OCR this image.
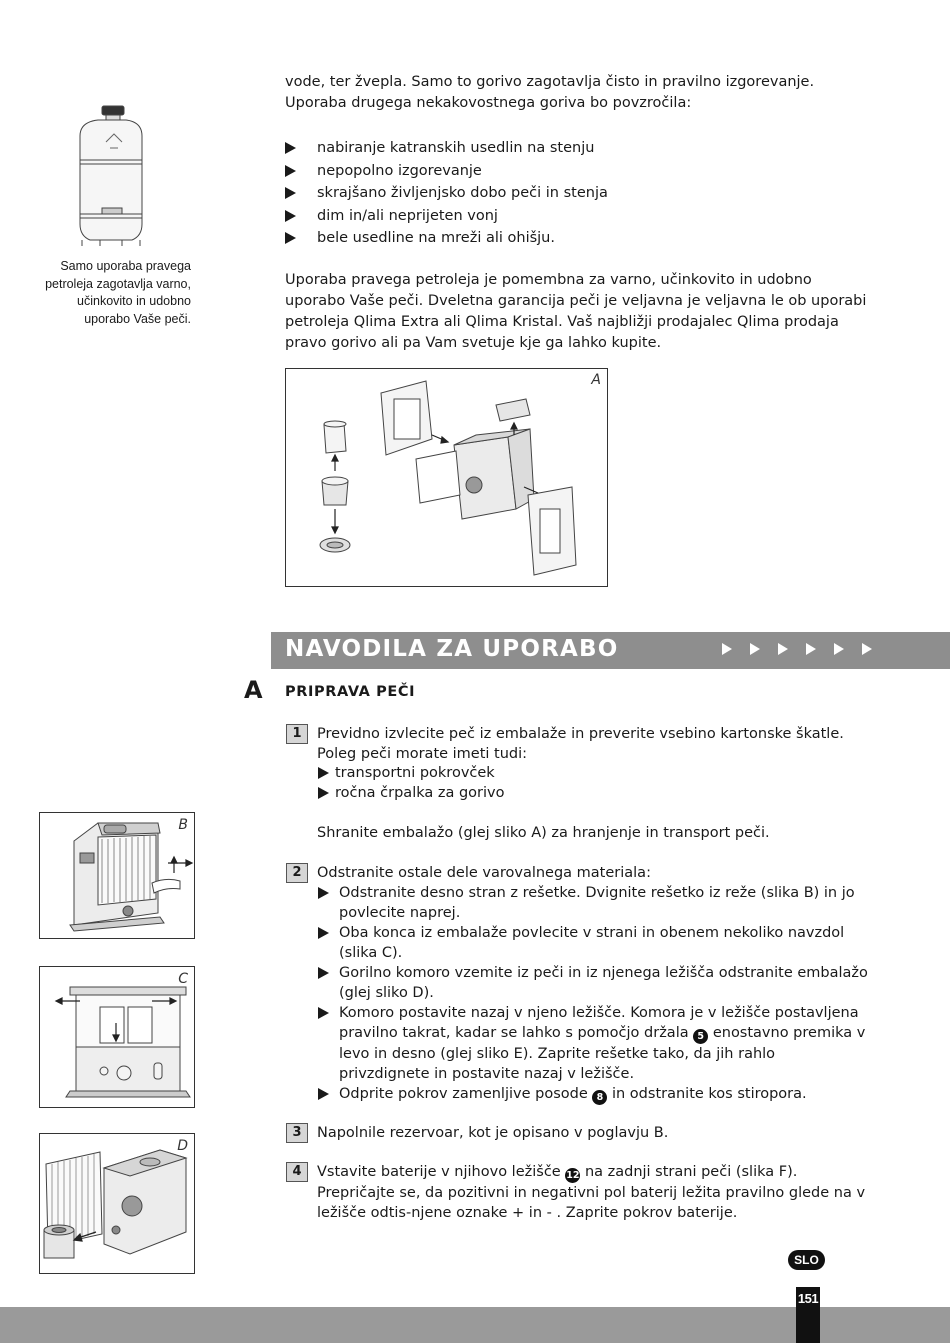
Samo uporaba pravega petroleja zagotavlja varno, učinkovito in udobno uporabo Vaše peči.
vode, ter žvepla. Samo to gorivo zagotavlja čisto in pravilno izgorevanje. Uporaba drugega nekakovostnega goriva bo povzročila:
nabiranje katranskih usedlin na stenju
nepopolno izgorevanje
skrajšano življenjsko dobo peči in stenja
dim in/ali neprijeten vonj
bele usedline na mreži ali ohišju.
Uporaba pravega petroleja je pomembna za varno, učinkovito in udobno uporabo Vaše peči. Dveletna garancija peči je veljavna je veljavna le ob uporabi petroleja Qlima Extra ali Qlima Kristal. Vaš najbližji prodajalec Qlima prodaja pravo gorivo ali pa Vam svetuje kje ga lahko kupite.
A
NAVODILA ZA UPORABO
A PRIPRAVA PEČI
1	Previdno izvlecite peč iz embalaže in preverite vsebino kartonske škatle. Poleg peči morate imeti tudi:
transportni pokrovček
ročna črpalka za gorivo
Shranite embalažo (glej sliko A) za hranjenje in transport peči.
2	Odstranite ostale dele varovalnega materiala:
Odstranite desno stran z rešetke. Dvignite rešetko iz reže (slika B) in jo povlecite naprej.
Oba konca iz embalaže povlecite v strani in obenem nekoliko navzdol (slika C).
Gorilno komoro vzemite iz peči in iz njenega ležišča odstranite embalažo (glej sliko D).
Komoro postavite nazaj v njeno ležišče. Komora je v ležišče postavljena pravilno takrat, kadar se lahko s pomočjo držala 5 enostavno premika v levo in desno (glej sliko E). Zaprite rešetke tako, da jih rahlo privzdignete in postavite nazaj v ležišče.
Odprite pokrov zamenljive posode 8 in odstranite kos stiropora.
3	Napolnile rezervoar, kot je opisano v poglavju B.
4	Vstavite baterije v njihovo ležišče 12 na zadnji strani peči (slika F). Prepričajte se, da pozitivni in negativni pol baterij ležita pravilno glede na v ležišče odtis-njene oznake + in - . Zaprite pokrov baterije.
B
C
D
SLO
151
